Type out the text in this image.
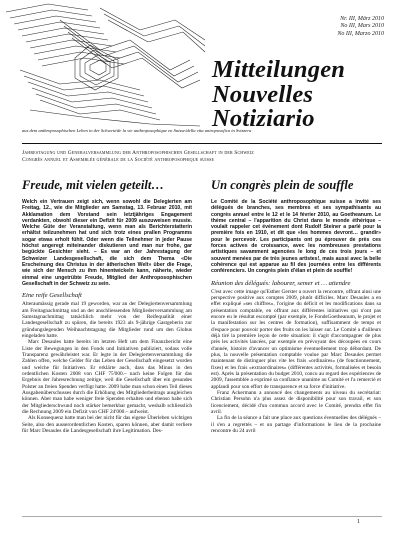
Nr. III, März 2010
No III, Mars 2010
No III, Marzo 2010
Mitteilungen
Nouvelles
Notiziario
aus dem anthroposophischen Leben in der Schweiz/de la vie anthroposophique en Suisse/della vita antroposofica in Svizzera
Jahrestagung und Generalversammlung der Anthroposophischen Gesellschaft in der Schweiz
Congrès annuel et Assemblée générale de la Société anthroposophique suisse
Freude, mit vielen geteilt…

Welch ein Vertrauen zeigt sich, wenn sowohl die Delegierten am Freitag, 12., wie die Mitglieder am Samstag, 13. Februar 2010, mit Akklamation dem Vorstand sein letztjähriges Engagement verdankten, obwohl dieser ein Defizit für 2009 auszuweisen musste. Welche Güte der Veranstaltung, wenn man als Berichterstatterin erhältst teilzunehmen hat und sich trotz eines prallen Programms sogar etwas erholt fühlt. Oder wenn die Teilnehmer in jeder Pause höchst angeregt miteinander diskutieren und man nur frohe, gar begückte Gesichter sieht. – Es war an der Jahrestagung der Schweizer Landesgesellschaft, die sich dem Thema «Die Erscheinung des Christus in der ätherischen Welt» über die Frage, wie sich der Mensch zu ihm hinentwickeln kann, näherte, wieder einmal eine ungetrübte Freude, Mitglied der Anthroposophischen Gesellschaft in der Schweiz zu sein.

Eine reife Gesellschaft

Alteraumässig gerade mal 19 geworden, war an der Delegiertenversammlung am Freitagnachmittag und an der anschliessenden Mitgliederversammlung am Samstagnachmittag tatsächlich mehr von der Reifequalität einer Landesgesellschaft zu spüren, die bereits 1923 als 9-jährige Gastgeberin zur gründungslegenden Weihnachtstagung die Mitglieder rund um den Globus eingeladen hatte.

Marc Desaules hatte bereits im letzten Heft um dem Finanzbericht eine Liste der Bewegungen in den Fonds und Initiativen publiziert, sodass volle Transparenz gewährleistet war. Er legte in der Delegiertenversammlung die Zahlen offen, welche Gelder für das Leben der Gesellschaft eingesetzt wurden und welche für Initiativen. Er erklärte auch, dass das Minus in den ordentlichen Kosten 2008 von CHF 75'000.– nach keine Folgen für das Ergebnis der Jahresrechnung zeitige, weil die Gesellschaft über ein gesundes Polster an freien Spenden verfügt hatte. 2009 habe man schon einen Teil dieses Ausgabenüberschusses durch die Erhöhung des Mitgliederbeitrags ausgleichen können. Aber man habe weniger freie Spenden erhalten und ebenso habe sich der Mitgliederschwund noch stärker bemerkbar gemacht, weshalb schliesslich die Rechnung 2009 ein Defizit von CHF 24'000.– aufweist.

Als Konsequenz hatte man bei der nicht für das eigene Überleben wichtigen Seite, also den ausserordentlichen Kosten, sparen können, aber damit verliere für Marc Desaules die Landesgesellschaft ihre Legitimation. Des-

Un congrès plein de souffle

Le Comité de la Société anthroposophique suisse a invité ses délégués de branches, ses membres et ses sympathisants au congrès annuel entre le 12 et le 14 février 2010, au Goetheanum. Le thème central – l'apparition du Christ dans le monde éthérique – voulait rappeler cet événement dont Rudolf Steiner a parlé pour la première fois en 1910, et dit que «les hommes devront… grandir» pour le percevoir. Les participants ont pu éprouver de près ces forces actives de croissance, avec les nombreuses prestations artistiques savamment agencées le long de ces trois jours – et souvent menées par de très jeunes artistes!, mais aussi avec la belle cohérence qui est apparue au fil des journées entre les différents conférenciers. Un congrès plein d'élan et plein de souffle!

Réunion des délégués: labourer, semer et … attendre

C'est avec cette image qu'Esther Gerster a ouvert la rencontre, offrant ainsi une perspective positive aux comptes 2009, plutôt difficiles. Marc Desaules a en effet expliqué «ses chiffres», l'origine du déficit et les modifications dans sa présentation comptable, en offrant aux différentes initiatives qui n'ont pas encore eu le résultat escompté (par exemple, le FondsGoetheanum, le projet et la manifestation sur les centres de formation), suffisamment de temps et d'espace pour pouvoir porter des fruits on les laisser sur. Le Comité a d'ailleurs déjà tiré la première leçon de cette situation: il s'agit d'accompagner de plus près les activités lancées, par exemple en prévoyant des découpées en cours d'année, histoire d'avancer un optimisme éventuellement trop débordant. De plus, la nouvelle présentation comptable voulue par Marc Desaules permet maintenant de distinguer plus vite les frais «ordinaires» (de fonctionnement, fixes) et les frais «extraordinaires» (différentes activités, formalisées et besoin est). Après la présentation du budget 2010, concu au regard des expériences de 2009, l'assemblée a exprimé sa confiance unanime au Comité et l'a remercié et applaudi pour son effort de transparence et sa force d'initiative.

Franz Ackermann a annoncé des changements au niveau du secrétariat: Christian Persohn n'a plus assez de disponibilité pour son travail, et son licenciement, décidé d'un commun accord avec le Comité, prendra effet fin avril.

La fin de la séance a fait une place aux questions éventuelles des délégués – il s'en a regrettés – et un partage d'informations le lieu de la prochaine rencontre du 24 avril

1
